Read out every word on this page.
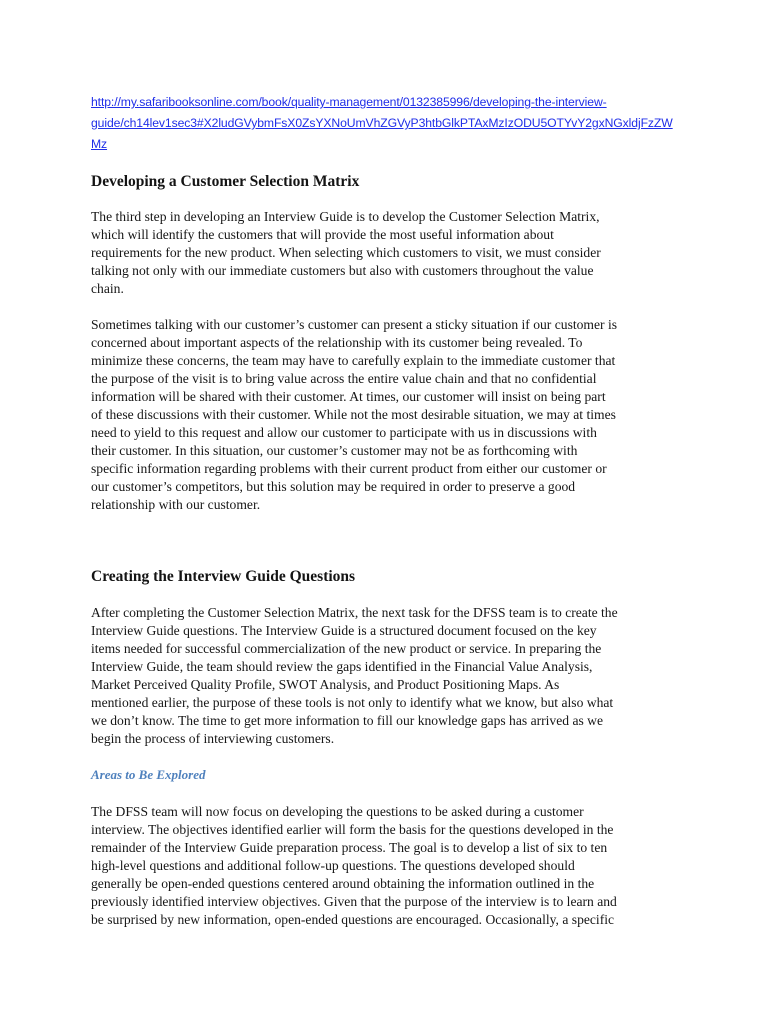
http://my.safaribooksonline.com/book/quality-management/0132385996/developing-the-interview-
guide/ch14lev1sec3#X2ludGVybmFsX0ZsYXNoUmVhZGVyP3htbGlkPTAxMzIzODU5OTYvY2gxNGxldjFzZW
Mz
Developing a Customer Selection Matrix
The third step in developing an Interview Guide is to develop the Customer Selection Matrix,
which will identify the customers that will provide the most useful information about
requirements for the new product. When selecting which customers to visit, we must consider
talking not only with our immediate customers but also with customers throughout the value
chain.
Sometimes talking with our customer’s customer can present a sticky situation if our customer is
concerned about important aspects of the relationship with its customer being revealed. To
minimize these concerns, the team may have to carefully explain to the immediate customer that
the purpose of the visit is to bring value across the entire value chain and that no confidential
information will be shared with their customer. At times, our customer will insist on being part
of these discussions with their customer. While not the most desirable situation, we may at times
need to yield to this request and allow our customer to participate with us in discussions with
their customer. In this situation, our customer’s customer may not be as forthcoming with
specific information regarding problems with their current product from either our customer or
our customer’s competitors, but this solution may be required in order to preserve a good
relationship with our customer.
Creating the Interview Guide Questions
After completing the Customer Selection Matrix, the next task for the DFSS team is to create the
Interview Guide questions. The Interview Guide is a structured document focused on the key
items needed for successful commercialization of the new product or service. In preparing the
Interview Guide, the team should review the gaps identified in the Financial Value Analysis,
Market Perceived Quality Profile, SWOT Analysis, and Product Positioning Maps. As
mentioned earlier, the purpose of these tools is not only to identify what we know, but also what
we don’t know. The time to get more information to fill our knowledge gaps has arrived as we
begin the process of interviewing customers.
Areas to Be Explored
The DFSS team will now focus on developing the questions to be asked during a customer
interview. The objectives identified earlier will form the basis for the questions developed in the
remainder of the Interview Guide preparation process. The goal is to develop a list of six to ten
high-level questions and additional follow-up questions. The questions developed should
generally be open-ended questions centered around obtaining the information outlined in the
previously identified interview objectives. Given that the purpose of the interview is to learn and
be surprised by new information, open-ended questions are encouraged. Occasionally, a specific
